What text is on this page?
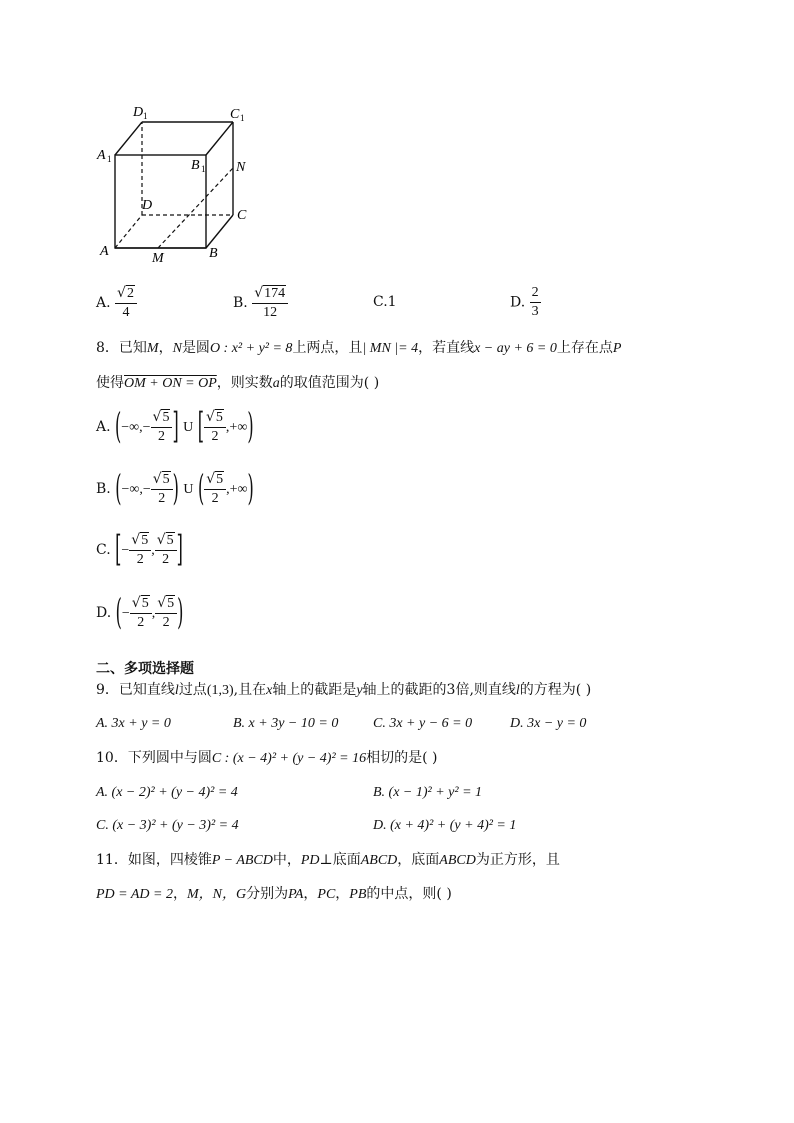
A	B
C
D
M
N
A 1	B 1
C 1
D 1
A. $\frac{√2}{4}$	B. $\frac{√174}{12}$	C.1	D. $\frac{2}{3}$
8．已知M，N是圆O : x² + y² = 8上两点，且| MN |= 4，若直线x − ay + 6 = 0上存在点P
使得OM + ON = OP，则实数a的取值范围为( )
A. (−∞,− $\frac{√5}{2}$ ] U [ $\frac{√5}{2}$ ,+∞)
B. (−∞,− $\frac{√5}{2}$ ) U ( $\frac{√5}{2}$ ,+∞)
C. [− $\frac{√5}{2}$ , $\frac{√5}{2}$ ]
D. (− $\frac{√5}{2}$ , $\frac{√5}{2}$ )
二、多项选择题
9．已知直线l过点(1,3),且在x轴上的截距是y轴上的截距的3倍,则直线l的方程为( )
A. 3x + y = 0	B. x + 3y − 10 = 0 C. 3x + y − 6 = 0	D. 3x − y = 0
10．下列圆中与圆C : (x − 4)² + (y − 4)² = 16相切的是( )
A. (x − 2)² + (y − 4)² = 4	B. (x − 1)² + y² = 1
C. (x − 3)² + (y − 3)² = 4	D. (x + 4)² + (y + 4)² = 1
11．如图，四棱锥P − ABCD中，PD⊥底面ABCD，底面ABCD为正方形，且
PD = AD = 2，M，N，G分别为PA，PC，PB的中点，则( )
